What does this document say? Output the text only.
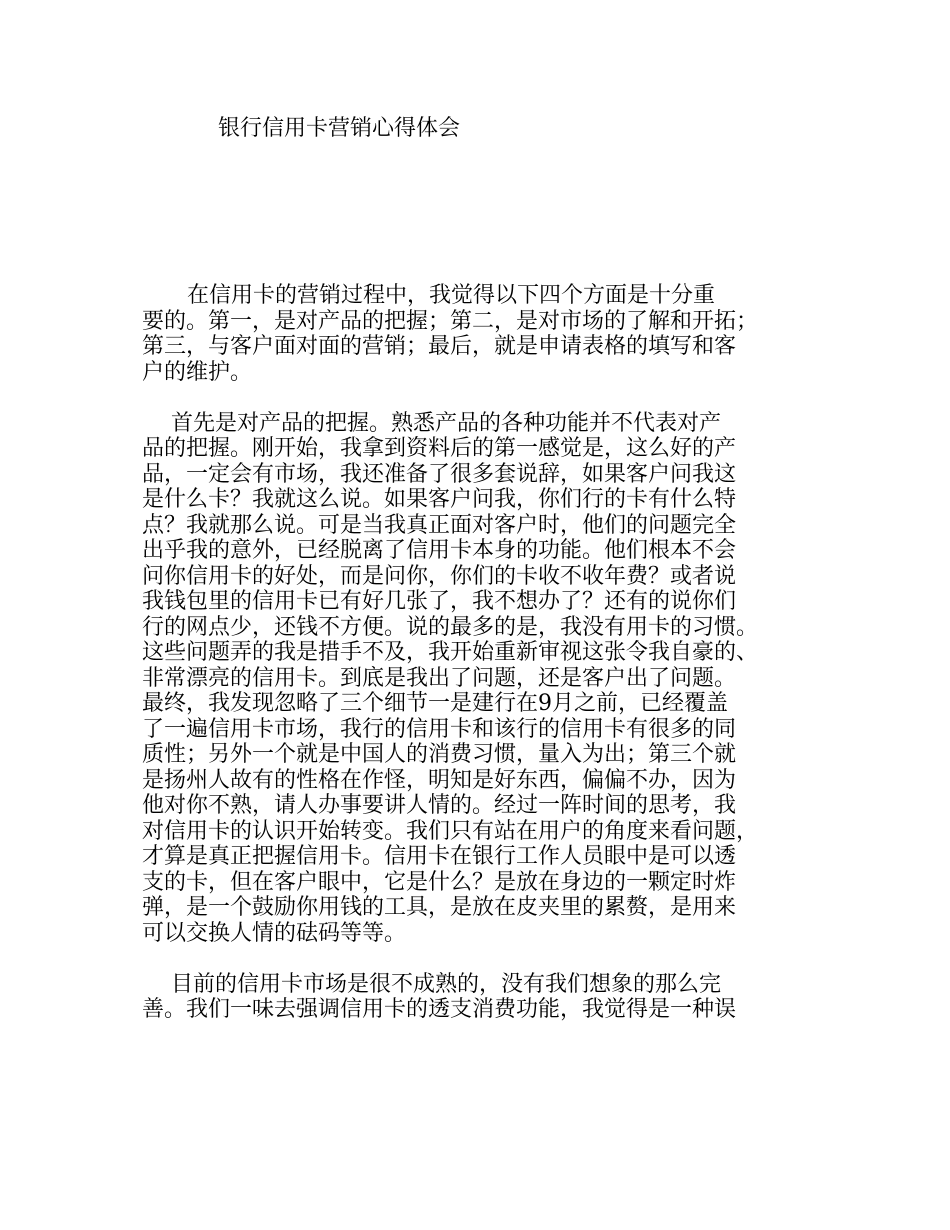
银行信用卡营销心得体会

　 在信用卡的营销过程中，我觉得以下四个方面是十分重
要的。第一，是对产品的把握；第二，是对市场的了解和开拓；
第三，与客户面对面的营销；最后，就是申请表格的填写和客
户的维护。

　 首先是对产品的把握。熟悉产品的各种功能并不代表对产
品的把握。刚开始，我拿到资料后的第一感觉是，这么好的产
品，一定会有市场，我还准备了很多套说辞，如果客户问我这
是什么卡？我就这么说。如果客户问我，你们行的卡有什么特
点？我就那么说。可是当我真正面对客户时，他们的问题完全
出乎我的意外，已经脱离了信用卡本身的功能。他们根本不会
问你信用卡的好处，而是问你，你们的卡收不收年费？或者说
我钱包里的信用卡已有好几张了，我不想办了？还有的说你们
行的网点少，还钱不方便。说的最多的是，我没有用卡的习惯。
这些问题弄的我是措手不及，我开始重新审视这张令我自豪的、
非常漂亮的信用卡。到底是我出了问题，还是客户出了问题。
最终，我发现忽略了三个细节一是建行在9月之前，已经覆盖
了一遍信用卡市场，我行的信用卡和该行的信用卡有很多的同
质性；另外一个就是中国人的消费习惯，量入为出；第三个就
是扬州人故有的性格在作怪，明知是好东西，偏偏不办，因为
他对你不熟，请人办事要讲人情的。经过一阵时间的思考，我
对信用卡的认识开始转变。我们只有站在用户的角度来看问题，
才算是真正把握信用卡。信用卡在银行工作人员眼中是可以透
支的卡，但在客户眼中，它是什么？是放在身边的一颗定时炸
弹，是一个鼓励你用钱的工具，是放在皮夹里的累赘，是用来
可以交换人情的砝码等等。

　 目前的信用卡市场是很不成熟的，没有我们想象的那么完
善。我们一味去强调信用卡的透支消费功能，我觉得是一种误
